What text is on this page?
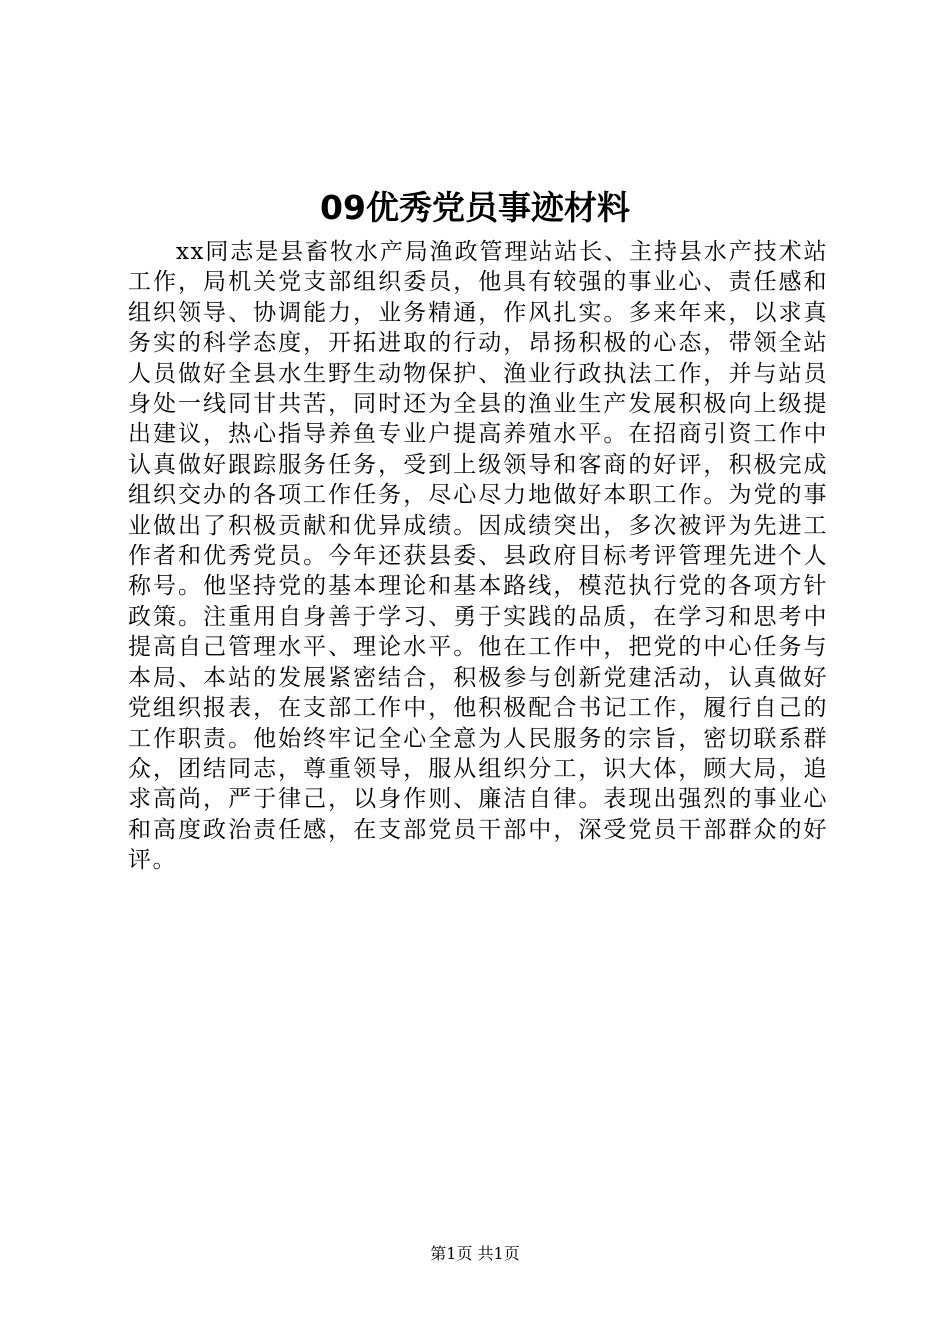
09优秀党员事迹材料
xx同志是县畜牧水产局渔政管理站站长、主持县水产技术站工作，局机关党支部组织委员，他具有较强的事业心、责任感和组织领导、协调能力，业务精通，作风扎实。多来年来，以求真务实的科学态度，开拓进取的行动，昂扬积极的心态，带领全站人员做好全县水生野生动物保护、渔业行政执法工作，并与站员身处一线同甘共苦，同时还为全县的渔业生产发展积极向上级提出建议，热心指导养鱼专业户提高养殖水平。在招商引资工作中认真做好跟踪服务任务，受到上级领导和客商的好评，积极完成组织交办的各项工作任务，尽心尽力地做好本职工作。为党的事业做出了积极贡献和优异成绩。因成绩突出，多次被评为先进工作者和优秀党员。今年还获县委、县政府目标考评管理先进个人称号。他坚持党的基本理论和基本路线，模范执行党的各项方针政策。注重用自身善于学习、勇于实践的品质，在学习和思考中提高自己管理水平、理论水平。他在工作中，把党的中心任务与本局、本站的发展紧密结合，积极参与创新党建活动，认真做好党组织报表，在支部工作中，他积极配合书记工作，履行自己的工作职责。他始终牢记全心全意为人民服务的宗旨，密切联系群众，团结同志，尊重领导，服从组织分工，识大体，顾大局，追求高尚，严于律己，以身作则、廉洁自律。表现出强烈的事业心和高度政治责任感，在支部党员干部中，深受党员干部群众的好评。
第1页 共1页
